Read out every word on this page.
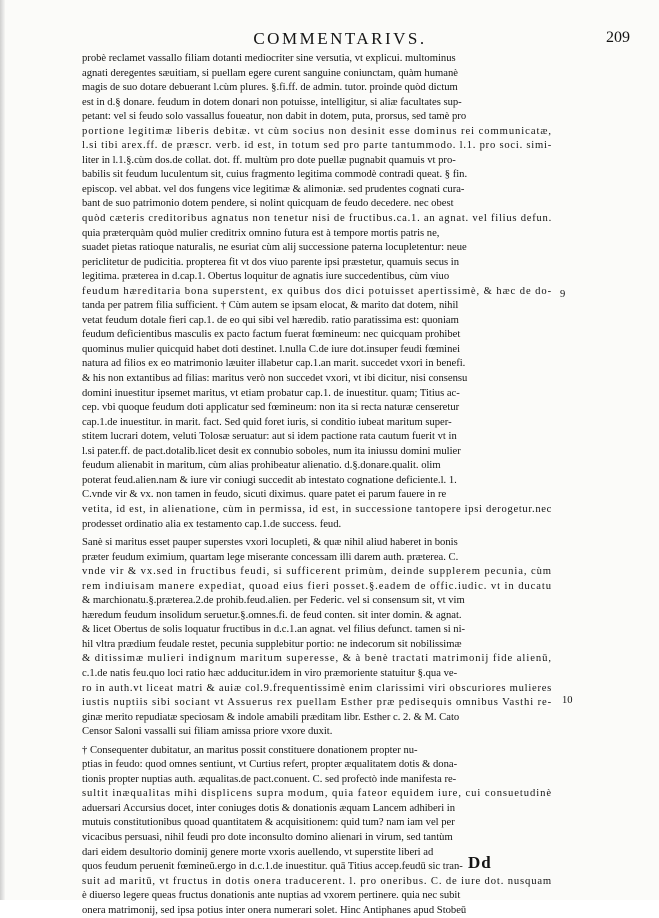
COMMENTARIVS.	209
9
10
probè reclamet vassallo filiam dotanti mediocriter sine versutia, vt explicui. multominus
agnati deregentes sæuitiam, si puellam egere curent sanguine coniunctam, quàm humanè
magis de suo dotare debuerant l.cùm plures. §.fi.ff. de admin. tutor. proinde quòd dictum
est in d.§ donare. feudum in dotem donari non potuisse, intelligitur, si aliæ facultates sup-
petant: vel si feudo solo vassallus foueatur, non dabit in dotem, puta, prorsus, sed tamè pro
portione legitimæ liberis debitæ. vt cùm socius non desinit esse dominus rei communicatæ,
l.si tibi arex.ff. de præscr. verb. id est, in totum sed pro parte tantummodo. l.1. pro soci. simi-
liter in l.1.§.cùm dos.de collat. dot. ff. multùm pro dote puellæ pugnabit quamuis vt pro-
babilis sit feudum luculentum sit, cuius fragmento legitima commodè contradi queat. § fin.
episcop. vel abbat. vel dos fungens vice legitimæ & alimoniæ. sed prudentes cognati cura-
bant de suo patrimonio dotem pendere, si nolint quicquam de feudo decedere. nec obest
quòd cæteris creditoribus agnatus non tenetur nisi de fructibus.ca.1. an agnat. vel filius defun.
quia præterquàm quòd mulier creditrix omnino futura est à tempore mortis patris ne,
suadet pietas ratioque naturalis, ne esuriat cùm alij successione paterna locupletentur: neue
periclitetur de pudicitia. propterea fit vt dos viuo parente ipsi præstetur, quamuis secus in
legitima. præterea in d.cap.1. Obertus loquitur de agnatis iure succedentibus, cùm viuo
feudum hæreditaria bona superstent, ex quibus dos dici potuisset apertissimè, & hæc de do-
tanda per patrem filia sufficient. † Cùm autem se ipsam elocat, & marito dat dotem, nihil
vetat feudum dotale fieri cap.1. de eo qui sibi vel hæredib. ratio paratissima est: quoniam
feudum deficientibus masculis ex pacto factum fuerat fœmineum: nec quicquam prohibet
quominus mulier quicquid habet doti destinet. l.nulla C.de iure dot.insuper feudi fœminei
natura ad filios ex eo matrimonio læuiter illabetur cap.1.an marit. succedet vxori in benefi.
& his non extantibus ad filias: maritus verò non succedet vxori, vt ibi dicitur, nisi consensu
domini inuestitur ipsemet maritus, vt etiam probatur cap.1. de inuestitur. quam; Titius ac-
cep. vbi quoque feudum doti applicatur sed fœmineum: non ita si recta naturæ censeretur
cap.1.de inuestitur. in marit. fact. Sed quid foret iuris, si conditio iubeat maritum super-
stitem lucrari dotem, veluti Tolosæ seruatur: aut si idem pactione rata cautum fuerit vt in
l.si pater.ff. de pact.dotalib.licet desit ex connubio soboles, num ita iniussu domini mulier
feudum alienabit in maritum, cùm alias prohibeatur alienatio. d.§.donare.qualit. olim
poterat feud.alien.nam & iure vir coniugi succedit ab intestato cognatione deficiente.l. 1.
C.vnde vir & vx. non tamen in feudo, sicuti diximus. quare patet ei parum fauere in re
vetita, id est, in alienatione, cùm in permissa, id est, in successione tantopere ipsi derogetur.nec
prodesset ordinatio alia ex testamento cap.1.de success. feud.
Sanè si maritus esset pauper superstes vxori locupleti, & quæ nihil aliud haberet in bonis
præter feudum eximium, quartam lege miserante concessam illi darem auth. præterea. C.
vnde vir & vx.sed in fructibus feudi, si sufficerent primùm, deinde supplerem pecunia, cùm
rem indiuisam manere expediat, quoad eius fieri posset.§.eadem de offic.iudic. vt in ducatu
& marchionatu.§.præterea.2.de prohib.feud.alien. per Federic. vel si consensum sit, vt vim
hæredum feudum insolidum seruetur.§.omnes.fi. de feud conten. sit inter domin. & agnat.
& licet Obertus de solis loquatur fructibus in d.c.1.an agnat. vel filius defunct. tamen si ni-
hil vltra prædium feudale restet, pecunia supplebitur portio: ne indecorum sit nobilissimæ
& ditissimæ mulieri indignum maritum superesse, & à benè tractati matrimonij fide alienū,
c.1.de natis feu.quo loci ratio hæc adducitur.idem in viro præmoriente statuitur §.qua ve-
ro in auth.vt liceat matri & auiæ col.9.frequentissimè enim clarissimi viri obscuriores mulieres
iustis nuptiis sibi sociant vt Assuerus rex puellam Esther præ pedisequis omnibus Vasthi re-
ginæ merito repudiatæ speciosam & indole amabili præditam libr. Esther c. 2. & M. Cato
Censor Saloni vassalli sui filiam amissa priore vxore duxit.
† Consequenter dubitatur, an maritus possit constituere donationem propter nu-
ptias in feudo: quod omnes sentiunt, vt Curtius refert, propter æqualitatem dotis & dona-
tionis propter nuptias auth. æqualitas.de pact.conuent. C. sed profectò inde manifesta re-
sultit inæqualitas mihi displicens supra modum, quia fateor equidem iure, cui consuetudinè
aduersari Accursius docet, inter coniuges dotis & donationis æquam Lancem adhiberi in
mutuis constitutionibus quoad quantitatem & acquisitionem: quid tum? nam iam vel per
vicacibus persuasi, nihil feudi pro dote inconsulto domino alienari in virum, sed tantùm
dari eidem desultorio dominij genere morte vxoris auellendo, vt superstite liberi ad
quos feudum peruenit fœmineŭ.ergo in d.c.1.de inuestitur. quā Titius accep.feudū sic tran-
suit ad maritū, vt fructus in dotis onera traducerent. l. pro oneribus. C. de iure dot. nusquam
è diuerso legere queas fructus donationis ante nuptias ad vxorem pertinere. quia nec subit
onera matrimonij, sed ipsa potius inter onera numerari solet. Hinc Antiphanes apud Stobeū
Dd
